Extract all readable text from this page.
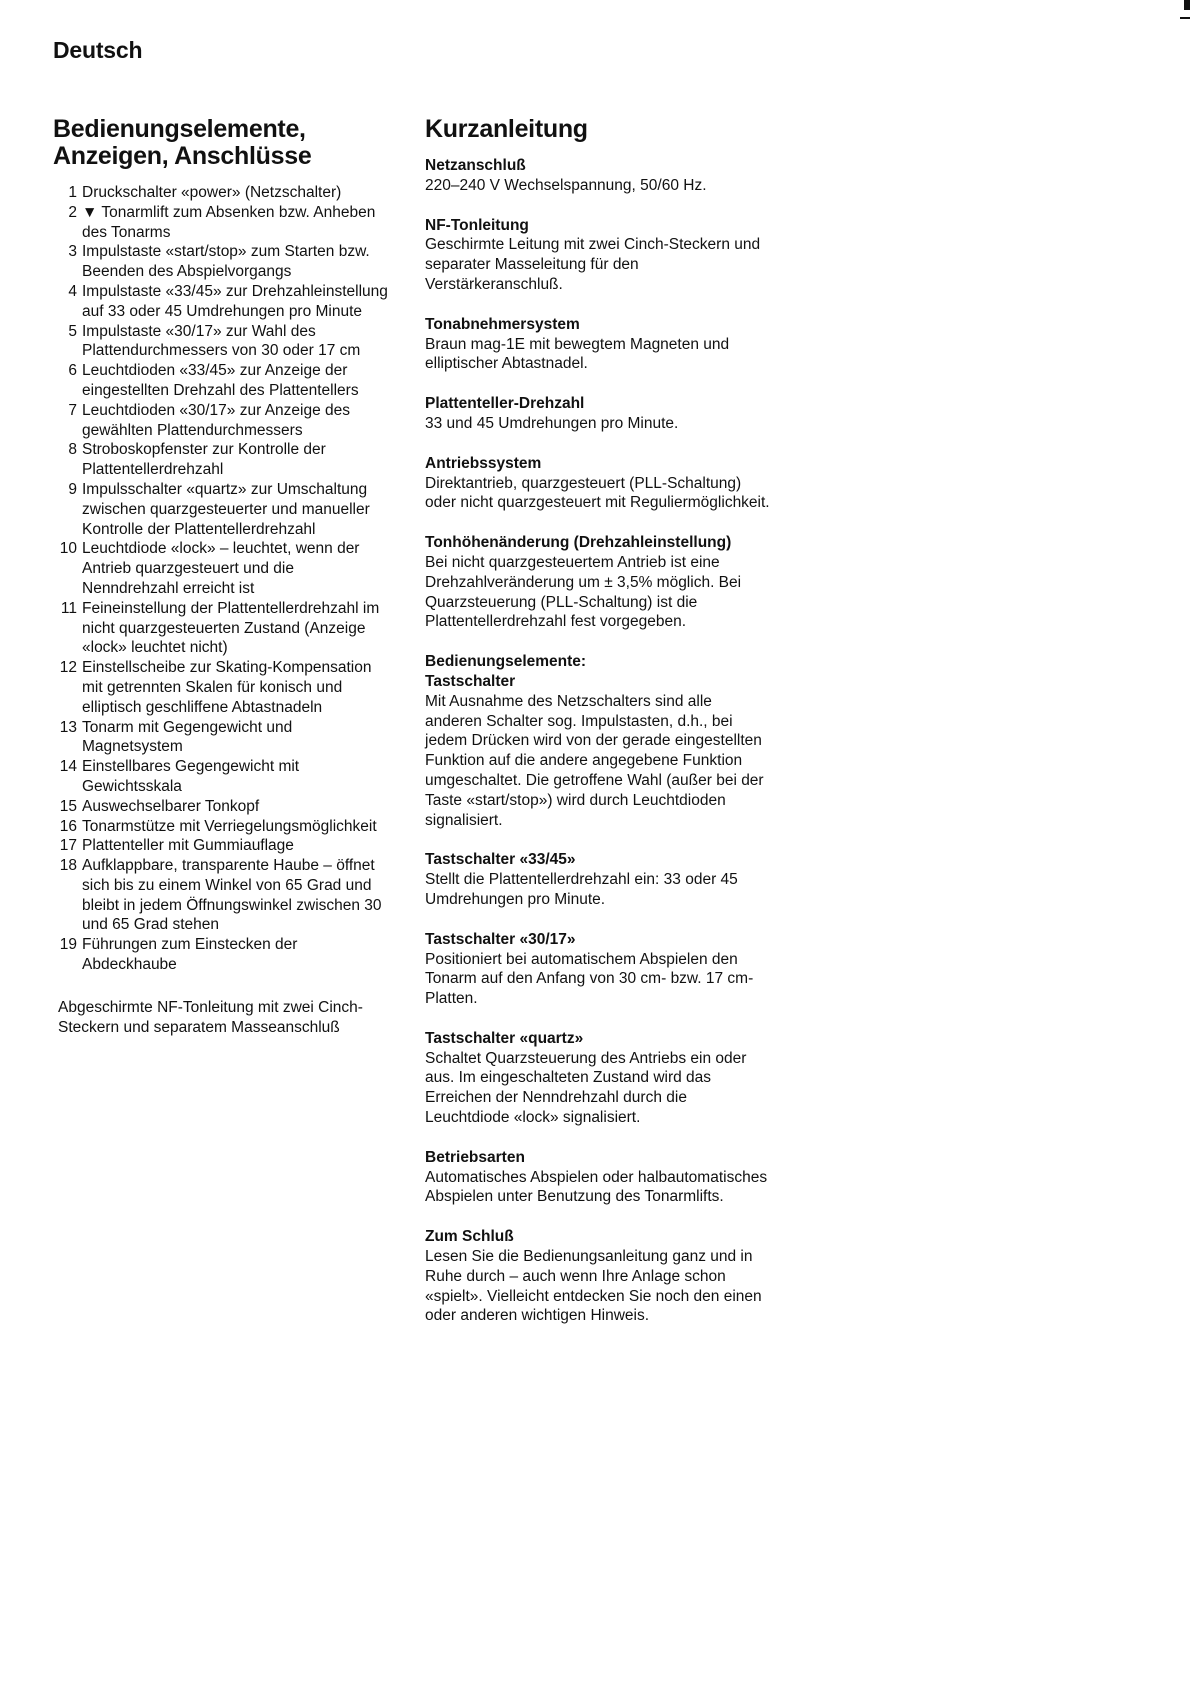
Deutsch
Bedienungselemente,
Anzeigen, Anschlüsse
1 Druckschalter «power» (Netzschalter)
2 ▼ Tonarmlift zum Absenken bzw. Anheben des Tonarms
3 Impulstaste «start/stop» zum Starten bzw. Beenden des Abspielvorgangs
4 Impulstaste «33/45» zur Drehzahleinstellung auf 33 oder 45 Umdrehungen pro Minute
5 Impulstaste «30/17» zur Wahl des Plattendurchmessers von 30 oder 17 cm
6 Leuchtdioden «33/45» zur Anzeige der eingestellten Drehzahl des Plattentellers
7 Leuchtdioden «30/17» zur Anzeige des gewählten Plattendurchmessers
8 Stroboskopfenster zur Kontrolle der Plattentellerdrehzahl
9 Impulsschalter «quartz» zur Umschaltung zwischen quarzgesteuerter und manueller Kontrolle der Plattentellerdrehzahl
10 Leuchtdiode «lock» – leuchtet, wenn der Antrieb quarzgesteuert und die Nenndrehzahl erreicht ist
11 Feineinstellung der Plattentellerdrehzahl im nicht quarzgesteuerten Zustand (Anzeige «lock» leuchtet nicht)
12 Einstellscheibe zur Skating-Kompensation mit getrennten Skalen für konisch und elliptisch geschliffene Abtastnadeln
13 Tonarm mit Gegengewicht und Magnetsystem
14 Einstellbares Gegengewicht mit Gewichtsskala
15 Auswechselbarer Tonkopf
16 Tonarmstütze mit Verriegelungsmöglichkeit
17 Plattenteller mit Gummiauflage
18 Aufklappbare, transparente Haube – öffnet sich bis zu einem Winkel von 65 Grad und bleibt in jedem Öffnungswinkel zwischen 30 und 65 Grad stehen
19 Führungen zum Einstecken der Abdeckhaube

Abgeschirmte NF-Tonleitung mit zwei Cinch-Steckern und separatem Masseanschluß

Kurzanleitung
Netzanschluß

220–240 V Wechselspannung, 50/60 Hz.

NF-Tonleitung

Geschirmte Leitung mit zwei Cinch-Steckern und separater Masseleitung für den Verstärkeranschluß.

Tonabnehmersystem

Braun mag-1E mit bewegtem Magneten und elliptischer Abtastnadel.

Plattenteller-Drehzahl

33 und 45 Umdrehungen pro Minute.

Antriebssystem

Direktantrieb, quarzgesteuert (PLL-Schaltung) oder nicht quarzgesteuert mit Reguliermöglichkeit.

Tonhöhenänderung (Drehzahleinstellung)

Bei nicht quarzgesteuertem Antrieb ist eine Drehzahlveränderung um ± 3,5% möglich. Bei Quarzsteuerung (PLL-Schaltung) ist die Plattentellerdrehzahl fest vorgegeben.

Bedienungselemente:
Tastschalter

Mit Ausnahme des Netzschalters sind alle anderen Schalter sog. Impulstasten, d.h., bei jedem Drücken wird von der gerade eingestellten Funktion auf die andere angegebene Funktion umgeschaltet. Die getroffene Wahl (außer bei der Taste «start/stop») wird durch Leuchtdioden signalisiert.

Tastschalter «33/45»

Stellt die Plattentellerdrehzahl ein: 33 oder 45 Umdrehungen pro Minute.

Tastschalter «30/17»

Positioniert bei automatischem Abspielen den Tonarm auf den Anfang von 30 cm- bzw. 17 cm-Platten.

Tastschalter «quartz»

Schaltet Quarzsteuerung des Antriebs ein oder aus. Im eingeschalteten Zustand wird das Erreichen der Nenndrehzahl durch die Leuchtdiode «lock» signalisiert.

Betriebsarten

Automatisches Abspielen oder halbautomatisches Abspielen unter Benutzung des Tonarmlifts.

Zum Schluß

Lesen Sie die Bedienungsanleitung ganz und in Ruhe durch – auch wenn Ihre Anlage schon «spielt». Vielleicht entdecken Sie noch den einen oder anderen wichtigen Hinweis.
